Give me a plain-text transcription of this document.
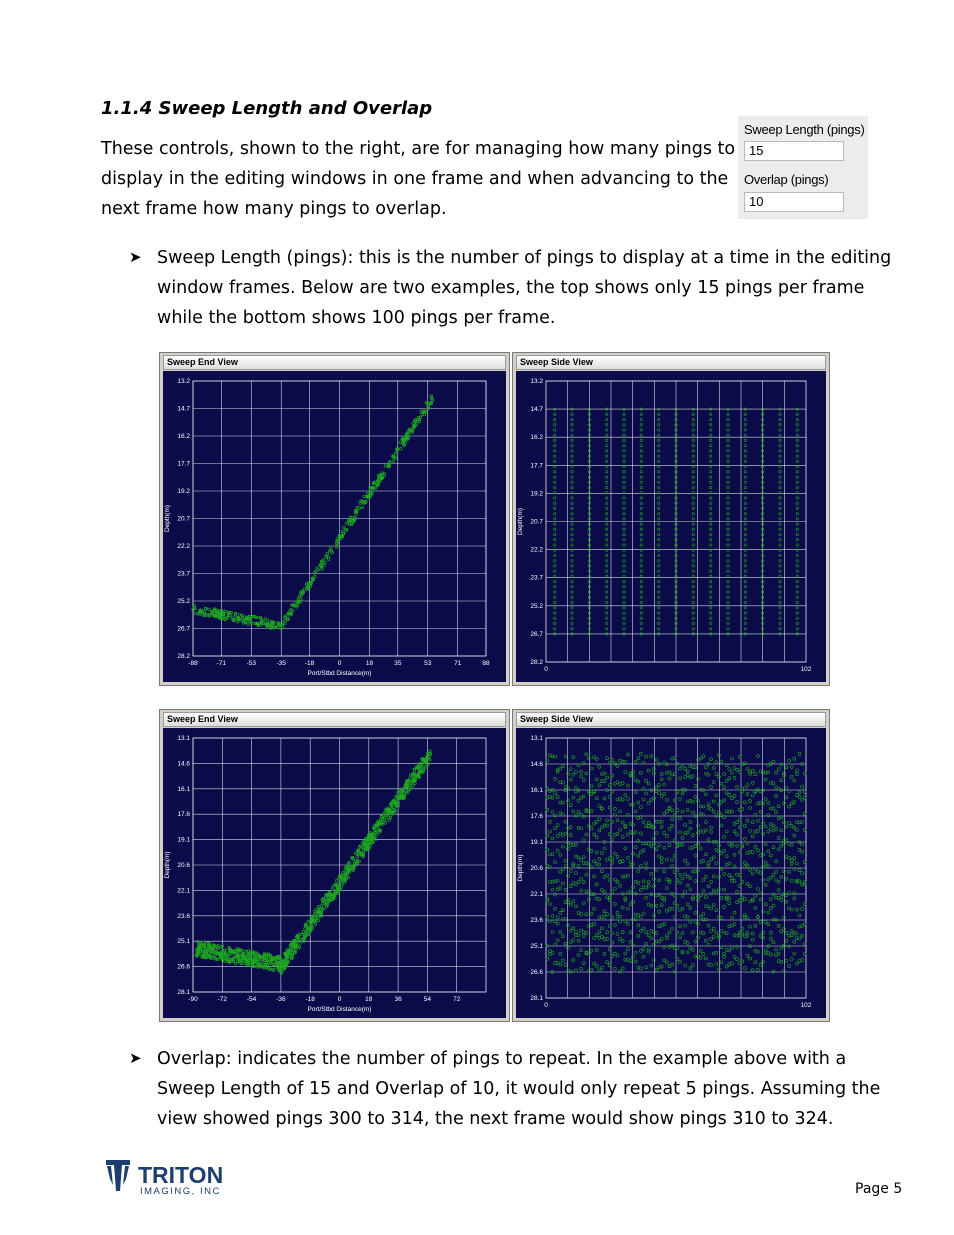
1.1.4 Sweep Length and Overlap
These controls, shown to the right, are for managing how many pings to
display in the editing windows in one frame and when advancing to the
next frame how many pings to overlap.
Sweep Length (pings)
15
Overlap (pings)
10
➤ Sweep Length (pings): this is the number of pings to display at a time in the editing
window frames. Below are two examples, the top shows only 15 pings per frame
while the bottom shows 100 pings per frame.
Sweep End View
13.2
14.7
16.2
17.7
19.2
20.7
22.2
23.7
25.2
26.7
28.2
-88	-71	-53	-35	-18	0	18	35	53	71	88
Depth(m)
Port/Stbd Distance(m)
Sweep Side View
13.2
14.7
16.2
17.7
19.2
20.7
22.2
23.7
25.2
26.7
28.2
0	102
Depth(m)
Sweep End View
13.1
14.6
16.1
17.6
19.1
20.6
22.1
23.6
25.1
26.6
28.1
-90	-72	-54	-36	-18	0	18	36	54	72
Depth(m)
Port/Stbd Distance(m)
Sweep Side View
13.1
14.6
16.1
17.6
19.1
20.6
22.1
23.6
25.1
26.6
28.1
0	102
Depth(m)
➤ Overlap: indicates the number of pings to repeat. In the example above with a
Sweep Length of 15 and Overlap of 10, it would only repeat 5 pings. Assuming the
view showed pings 300 to 314, the next frame would show pings 310 to 324.
TRITON
IMAGING, INC	Page 5
